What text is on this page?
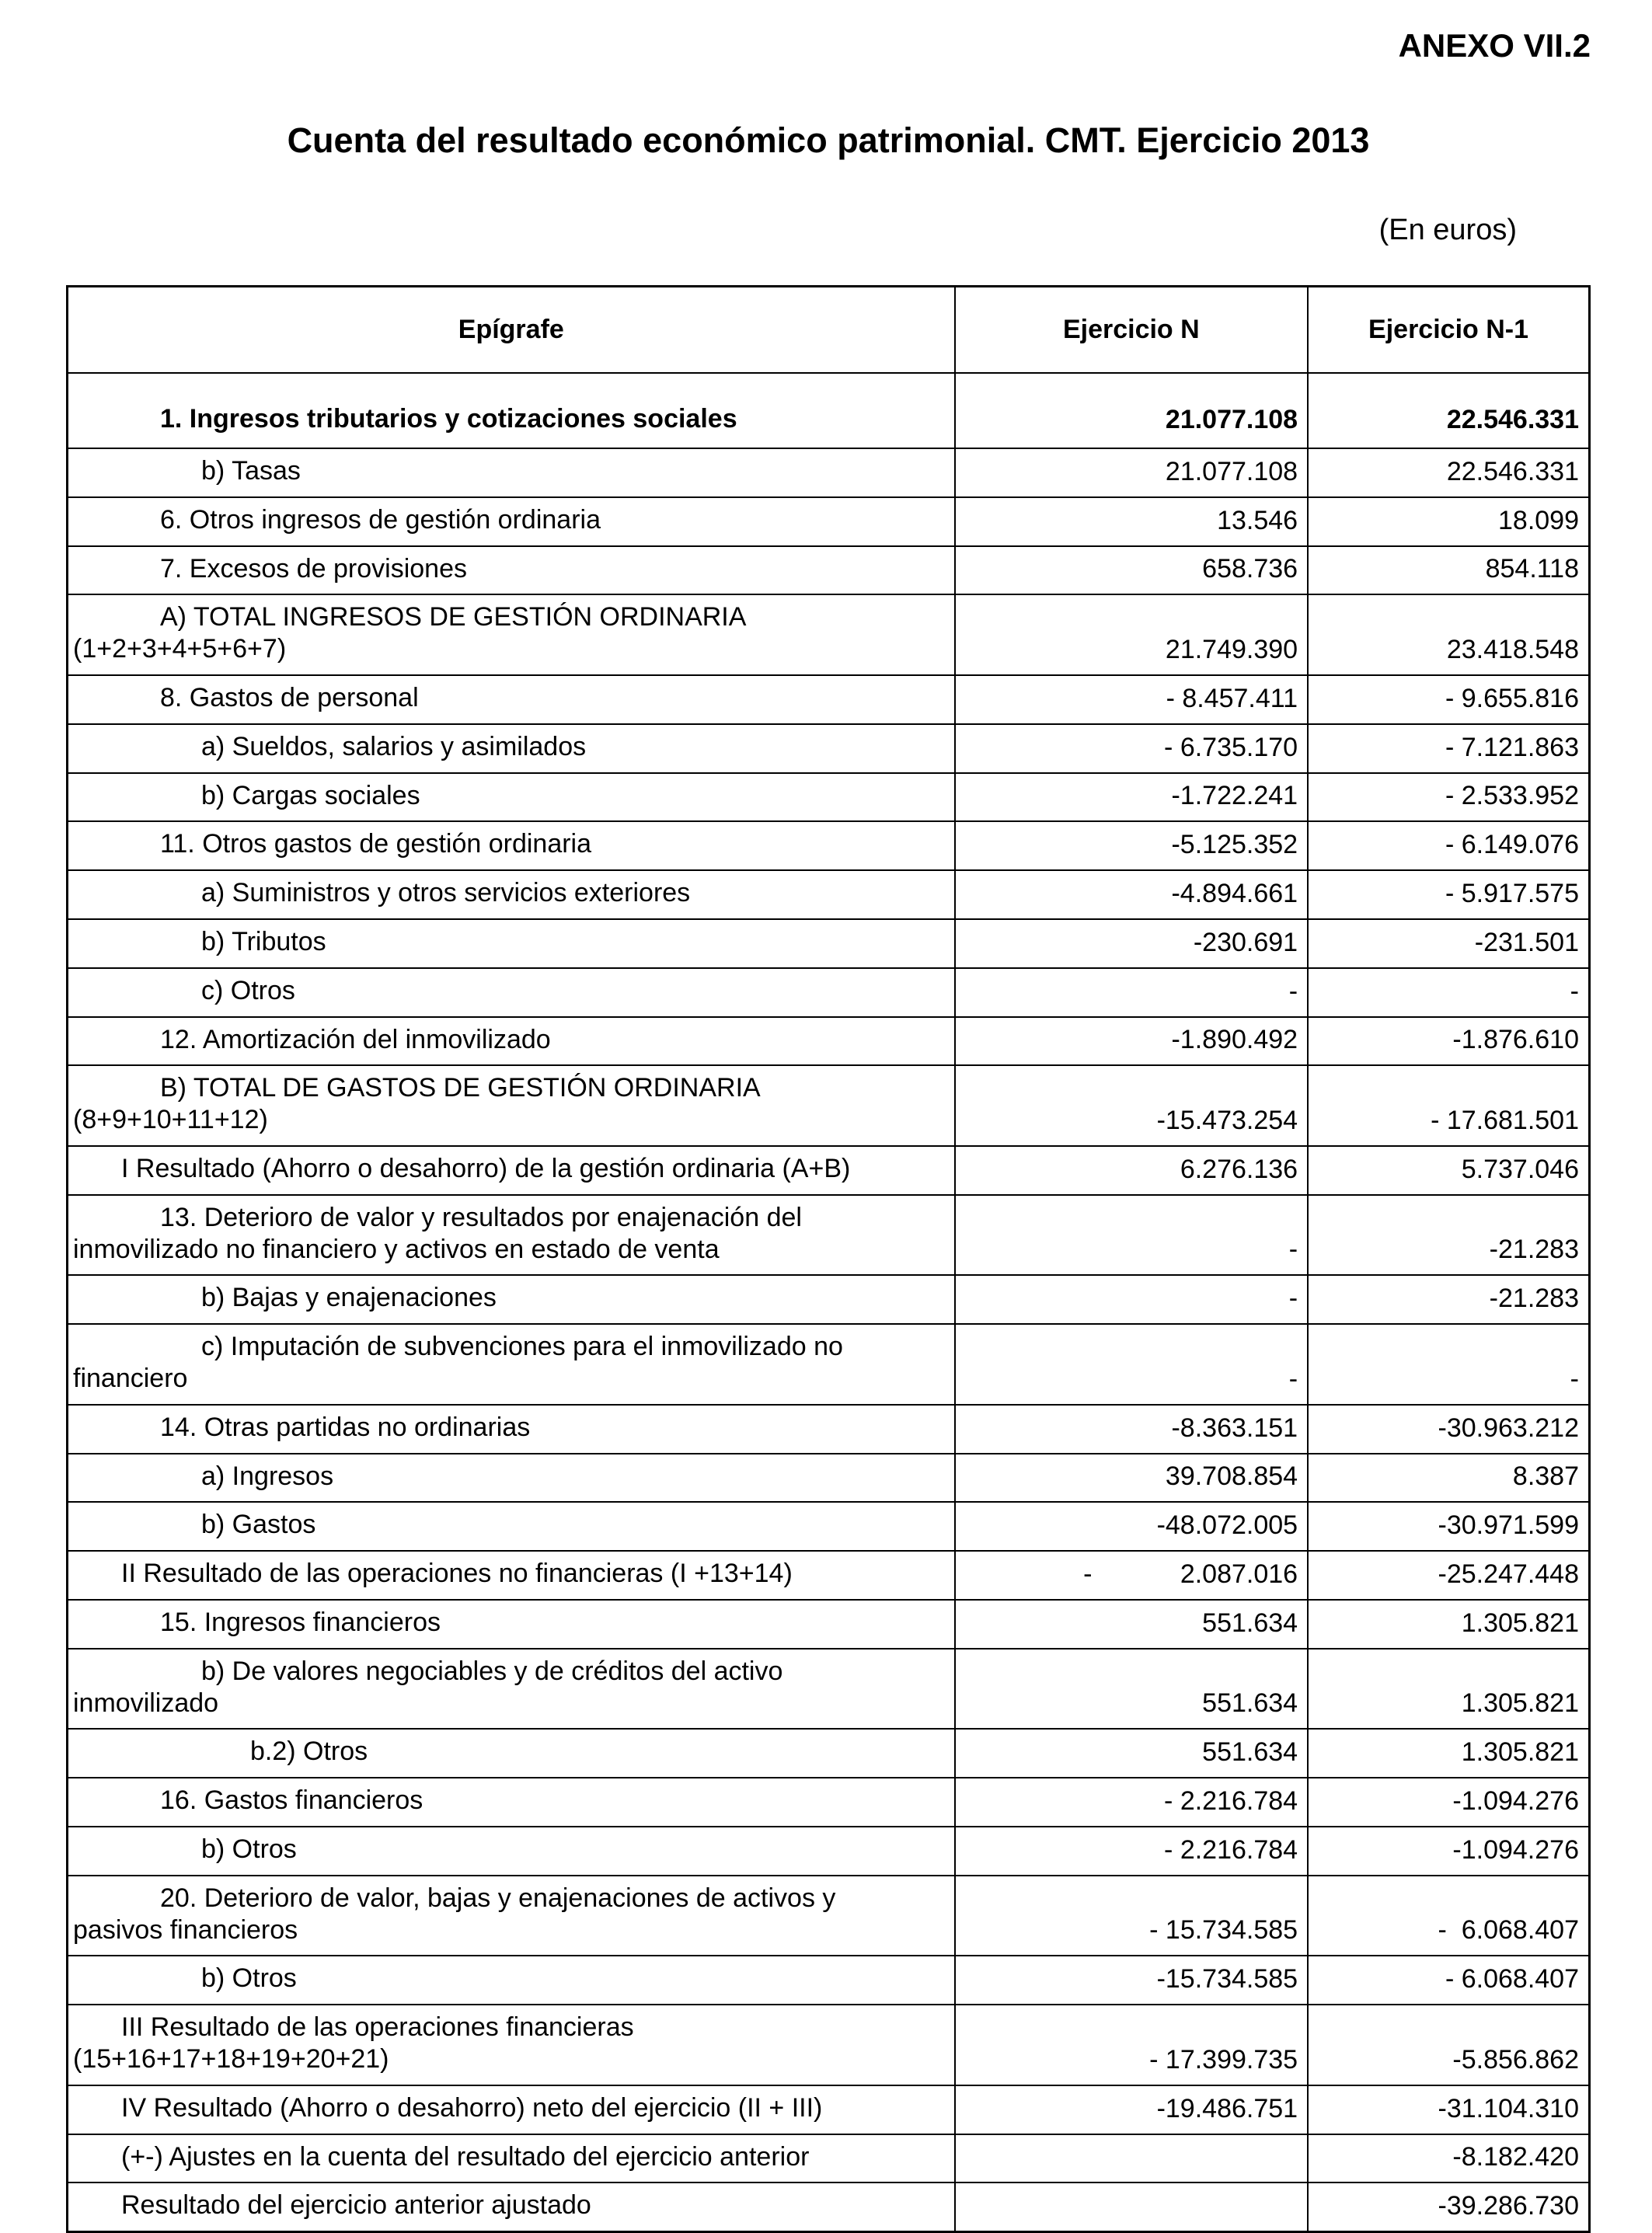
ANEXO VII.2
Cuenta del resultado económico patrimonial. CMT. Ejercicio 2013
(En euros)
Epígrafe	Ejercicio N	Ejercicio N-1

1. Ingresos tributarios y cotizaciones sociales	21.077.108	22.546.331

b) Tasas	21.077.108	22.546.331

6. Otros ingresos de gestión ordinaria	13.546	18.099

7. Excesos de provisiones	658.736	854.118

A) TOTAL INGRESOS DE GESTIÓN ORDINARIA
(1+2+3+4+5+6+7)	21.749.390	23.418.548

8. Gastos de personal	- 8.457.411	- 9.655.816

a) Sueldos, salarios y asimilados	- 6.735.170	- 7.121.863

b) Cargas sociales	-1.722.241	- 2.533.952

11. Otros gastos de gestión ordinaria	-5.125.352	- 6.149.076

a) Suministros y otros servicios exteriores	-4.894.661	- 5.917.575

b) Tributos	-230.691	-231.501

c) Otros	-	-

12. Amortización del inmovilizado	-1.890.492	-1.876.610

B) TOTAL DE GASTOS DE GESTIÓN ORDINARIA
(8+9+10+11+12)	-15.473.254	- 17.681.501

I Resultado (Ahorro o desahorro) de la gestión ordinaria (A+B)	6.276.136	5.737.046

13. Deterioro de valor y resultados por enajenación del
inmovilizado no financiero y activos en estado de venta	-	-21.283

b) Bajas y enajenaciones	-	-21.283

c) Imputación de subvenciones para el inmovilizado no
financiero	-	-

14. Otras partidas no ordinarias	-8.363.151	-30.963.212

a) Ingresos	39.708.854	8.387

b) Gastos	-48.072.005	-30.971.599

II Resultado de las operaciones no financieras (I +13+14)	-            2.087.016	-25.247.448

15. Ingresos financieros	551.634	1.305.821

b) De valores negociables y de créditos del activo
inmovilizado	551.634	1.305.821

b.2) Otros	551.634	1.305.821

16. Gastos financieros	- 2.216.784	-1.094.276

b) Otros	- 2.216.784	-1.094.276

20. Deterioro de valor, bajas y enajenaciones de activos y
pasivos financieros	- 15.734.585	-  6.068.407

b) Otros	-15.734.585	- 6.068.407

III Resultado de las operaciones financieras
(15+16+17+18+19+20+21)	- 17.399.735	-5.856.862

IV Resultado (Ahorro o desahorro) neto del ejercicio (II + III)	-19.486.751	-31.104.310

(+-) Ajustes en la cuenta del resultado del ejercicio anterior		-8.182.420

Resultado del ejercicio anterior ajustado		-39.286.730
